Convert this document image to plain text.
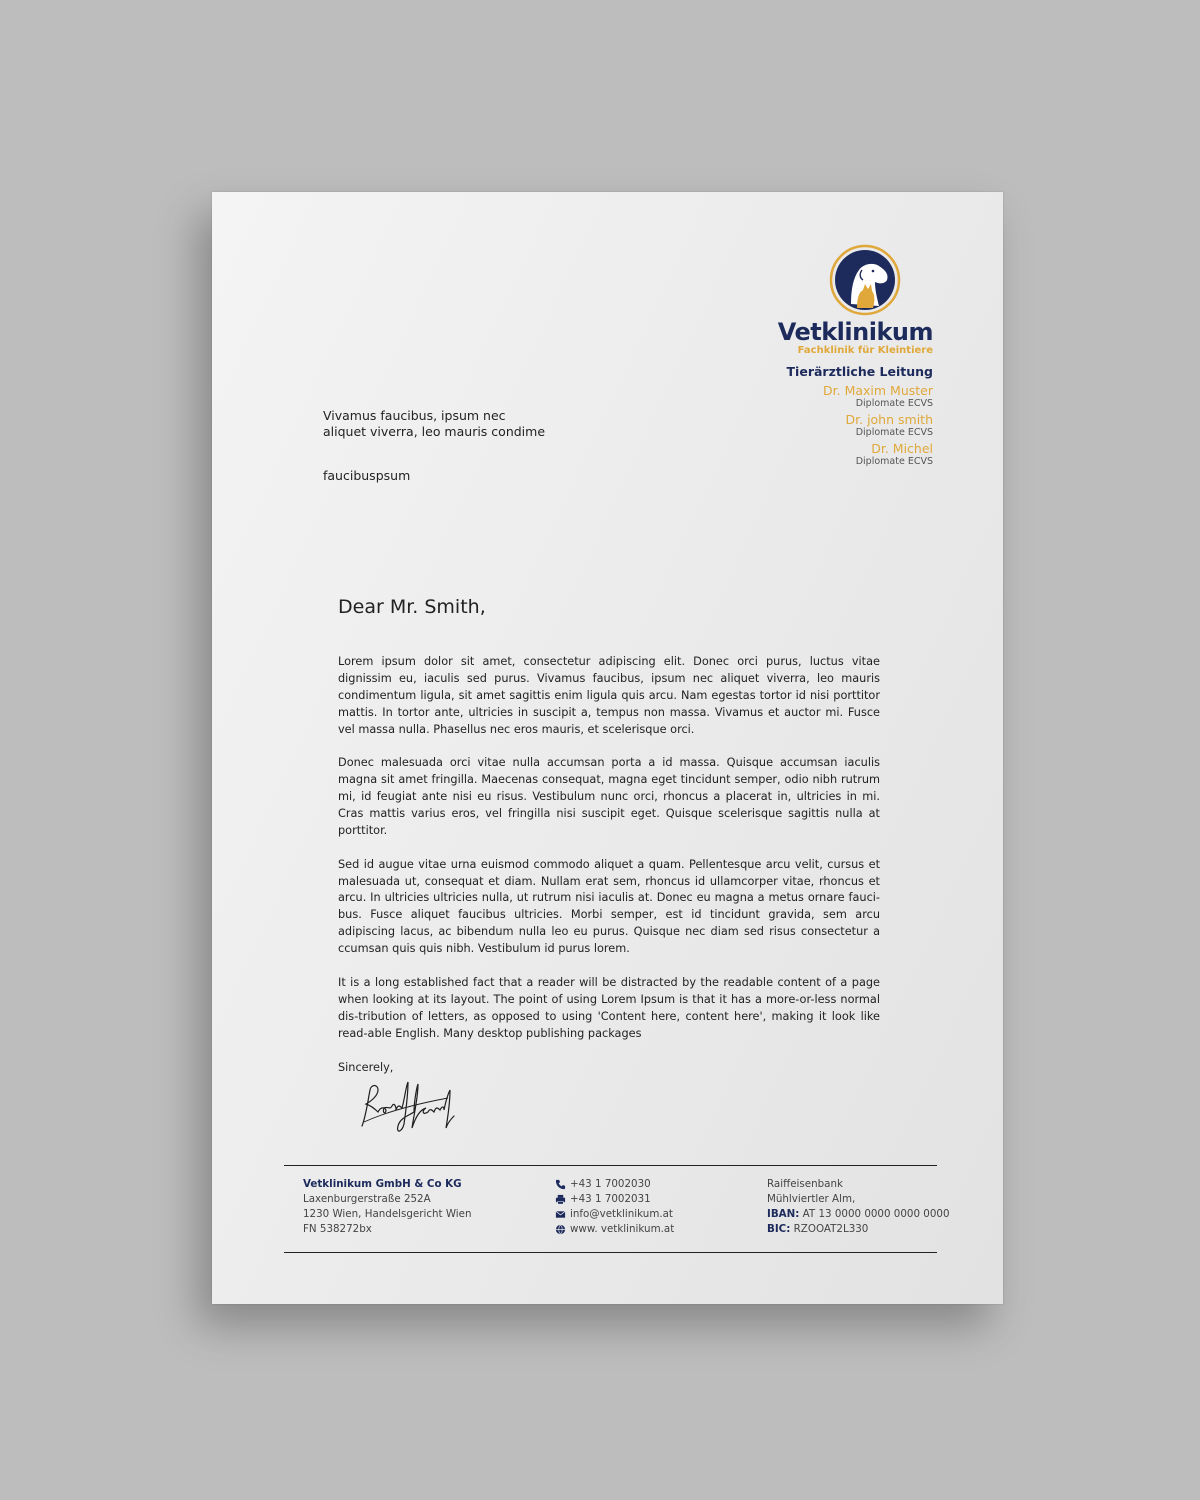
Vetklinikum
Fachklinik für Kleintiere
Tierärztliche Leitung
Dr. Maxim Muster
Diplomate ECVS
Dr. john smith
Diplomate ECVS
Dr. Michel
Diplomate ECVS
Vivamus faucibus, ipsum nec
aliquet viverra, leo mauris condime
faucibuspsum
Dear Mr. Smith,

Lorem ipsum dolor sit amet, consectetur adipiscing elit. Donec orci purus, luctus vitae dignissim eu, iaculis sed purus. Vivamus faucibus, ipsum nec aliquet viverra, leo mauris condimentum ligula, sit amet sagittis enim ligula quis arcu. Nam egestas tortor id nisi porttitor mattis. In tortor ante, ultricies in suscipit a, tempus non massa. Vivamus et auctor mi. Fusce vel massa nulla. Phasellus nec eros mauris, et scelerisque orci.

Donec malesuada orci vitae nulla accumsan porta a id massa. Quisque accumsan iaculis magna sit amet fringilla. Maecenas consequat, magna eget tincidunt semper, odio nibh rutrum mi, id feugiat ante nisi eu risus. Vestibulum nunc orci, rhoncus a placerat in, ultricies in mi. Cras mattis varius eros, vel fringilla nisi suscipit eget. Quisque scelerisque sagittis nulla at porttitor.

Sed id augue vitae urna euismod commodo aliquet a quam. Pellentesque arcu velit, cursus et malesuada ut, consequat et diam. Nullam erat sem, rhoncus id ullamcorper vitae, rhoncus et arcu. In ultricies ultricies nulla, ut rutrum nisi iaculis at. Donec eu magna a metus ornare fauci-bus. Fusce aliquet faucibus ultricies. Morbi semper, est id tincidunt gravida, sem arcu adipiscing lacus, ac bibendum nulla leo eu purus. Quisque nec diam sed risus consectetur a ccumsan quis quis nibh. Vestibulum id purus lorem.

It is a long established fact that a reader will be distracted by the readable content of a page when looking at its layout. The point of using Lorem Ipsum is that it has a more-or-less normal dis-tribution of letters, as opposed to using 'Content here, content here', making it look like read-able English. Many desktop publishing packages

Sincerely,
Vetklinikum GmbH & Co KG
Laxenburgerstraße 252A
1230 Wien, Handelsgericht Wien
FN 538272bx
+43 1 7002030
+43 1 7002031
info@vetklinikum.at
www. vetklinikum.at
Raiffeisenbank
Mühlviertler Alm,
IBAN: AT 13 0000 0000 0000 0000
BIC: RZOOAT2L330
